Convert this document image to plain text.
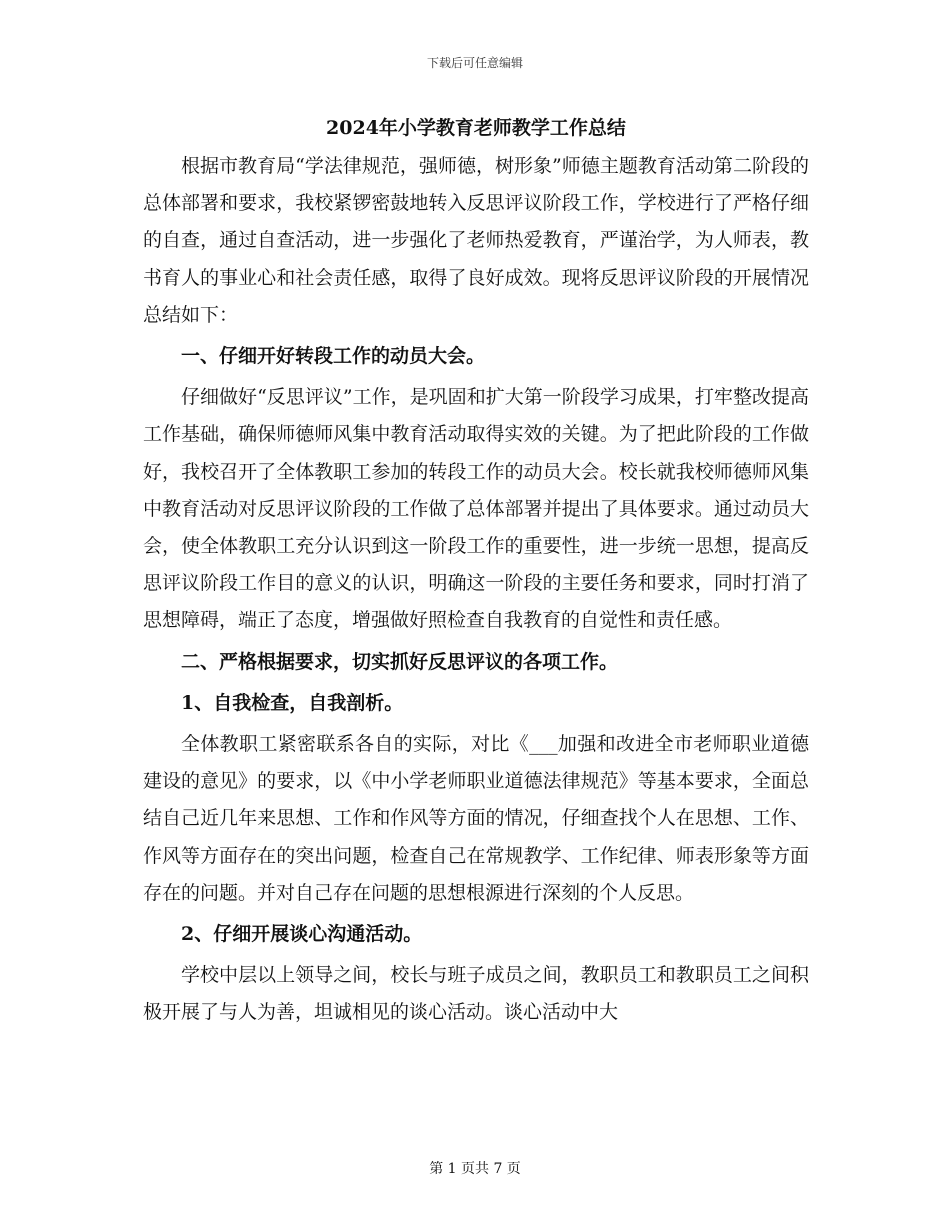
下载后可任意编辑
2024年小学教育老师教学工作总结

根据市教育局“学法律规范，强师德，树形象”师德主题教育活动第二阶段的总体部署和要求，我校紧锣密鼓地转入反思评议阶段工作，学校进行了严格仔细的自查，通过自查活动，进一步强化了老师热爱教育，严谨治学，为人师表，教书育人的事业心和社会责任感，取得了良好成效。现将反思评议阶段的开展情况总结如下：

一、仔细开好转段工作的动员大会。

仔细做好“反思评议”工作，是巩固和扩大第一阶段学习成果，打牢整改提高工作基础，确保师德师风集中教育活动取得实效的关键。为了把此阶段的工作做好，我校召开了全体教职工参加的转段工作的动员大会。校长就我校师德师风集中教育活动对反思评议阶段的工作做了总体部署并提出了具体要求。通过动员大会，使全体教职工充分认识到这一阶段工作的重要性，进一步统一思想，提高反思评议阶段工作目的意义的认识，明确这一阶段的主要任务和要求，同时打消了思想障碍，端正了态度，增强做好照检查自我教育的自觉性和责任感。

二、严格根据要求，切实抓好反思评议的各项工作。

1、自我检查，自我剖析。

全体教职工紧密联系各自的实际，对比《___加强和改进全市老师职业道德建设的意见》的要求，以《中小学老师职业道德法律规范》等基本要求，全面总结自己近几年来思想、工作和作风等方面的情况，仔细查找个人在思想、工作、作风等方面存在的突出问题，检查自己在常规教学、工作纪律、师表形象等方面存在的问题。并对自己存在问题的思想根源进行深刻的个人反思。

2、仔细开展谈心沟通活动。

学校中层以上领导之间，校长与班子成员之间，教职员工和教职员工之间积极开展了与人为善，坦诚相见的谈心活动。谈心活动中大

第 1 页共 7 页
